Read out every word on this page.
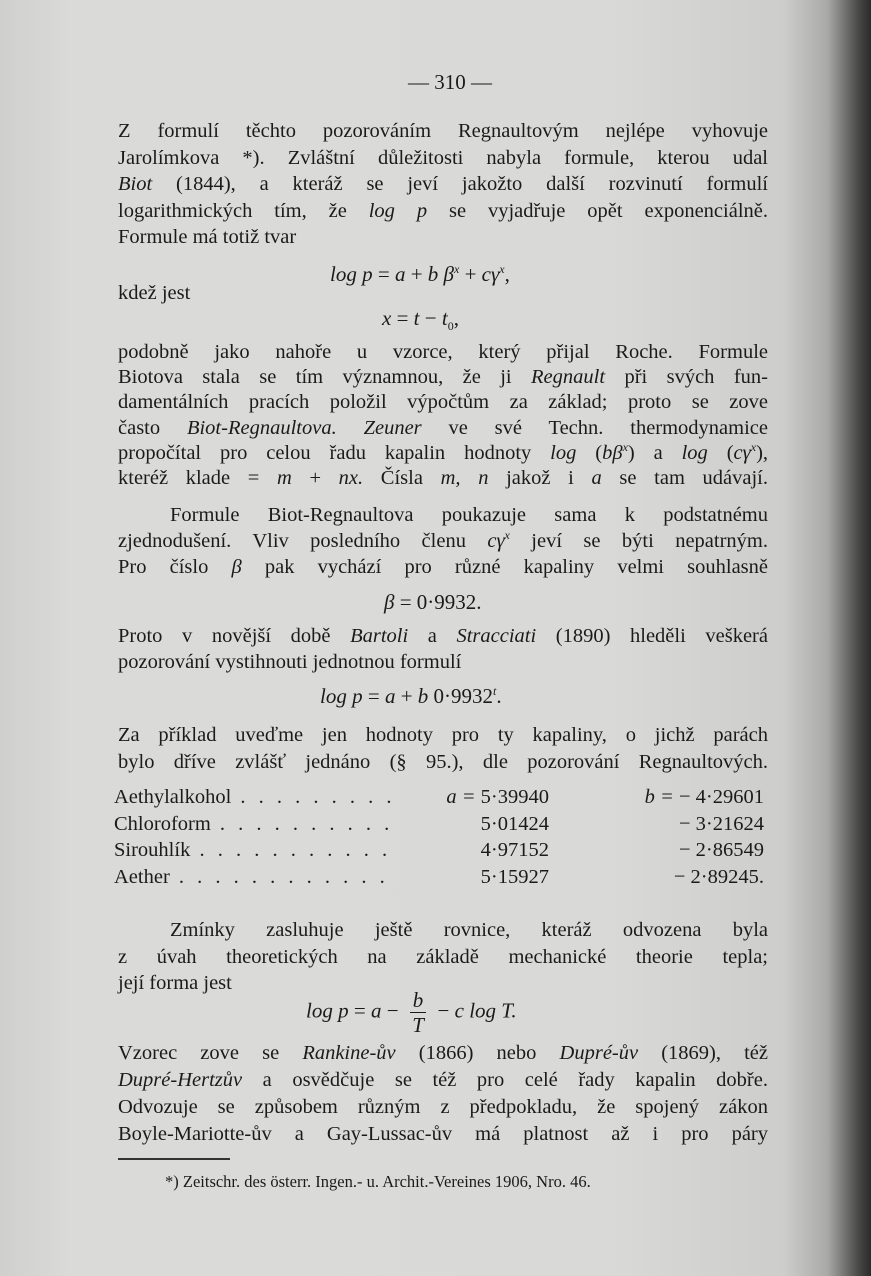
— 310 —
Z formulí těchto pozorováním Regnaultovým nejlépe vyhovuje
Jarolímkova *). Zvláštní důležitosti nabyla formule, kterou udal
Biot (1844), a kteráž se jeví jakožto další rozvinutí formulí
logarithmických tím, že log p se vyjadřuje opět exponenciálně.
Formule má totiž tvar
log p = a + b $\beta^x + c\gamma^x$,
kdež jest
$x = t - t_0$,
podobně jako nahoře u vzorce, který přijal Roche. Formule
Biotova stala se tím významnou, že ji Regnault při svých fun-
damentálních pracích položil výpočtům za základ; proto se zove
často Biot-Regnaultova. Zeuner ve své Techn. thermodynamice
propočítal pro celou řadu kapalin hodnoty $\log (b\beta^x)$ a $\log (c\gamma^x)$,
kteréž klade = m + nx. Čísla m, n jakož i a se tam udávají.
Formule Biot-Regnaultova poukazuje sama k podstatnému
zjednodušení. Vliv posledního členu $c\gamma^x$ jeví se býti nepatrným.
Pro číslo β pak vychází pro různé kapaliny velmi souhlasně
β = 0·9932.
Proto v novější době Bartoli a Stracciati (1890) hleděli veškerá
pozorování vystihnouti jednotnou formulí
log p = a + b $0\cdot 9932^t$.
Za příklad uveďme jen hodnoty pro ty kapaliny, o jichž parách
bylo dříve zvlášť jednáno (§ 95.), dle pozorování Regnaultových.
Aethylalkohol . . .	a = 5·39940	b = − 4·29601
Chloroform . . .	5·01424	− 3·21624
Sirouhlík . . .	4·97152	− 2·86549
Aether . . .	5·15927	− 2·89245.
Zmínky zasluhuje ještě rovnice, kteráž odvozena byla
z úvah theoretických na základě mechanické theorie tepla;
její forma jest
$\log p = a - \frac{b}{T} - c$ log T.
Vzorec zove se Rankine-ův (1866) nebo Dupré-ův (1869), též
Dupré-Hertzův a osvědčuje se též pro celé řady kapalin dobře.
Odvozuje se způsobem různým z předpokladu, že spojený zákon
Boyle-Mariotte-ův a Gay-Lussac-ův má platnost až i pro páry
*) Zeitschr. des österr. Ingen.- u. Archit.-Vereines 1906, Nro. 46.
